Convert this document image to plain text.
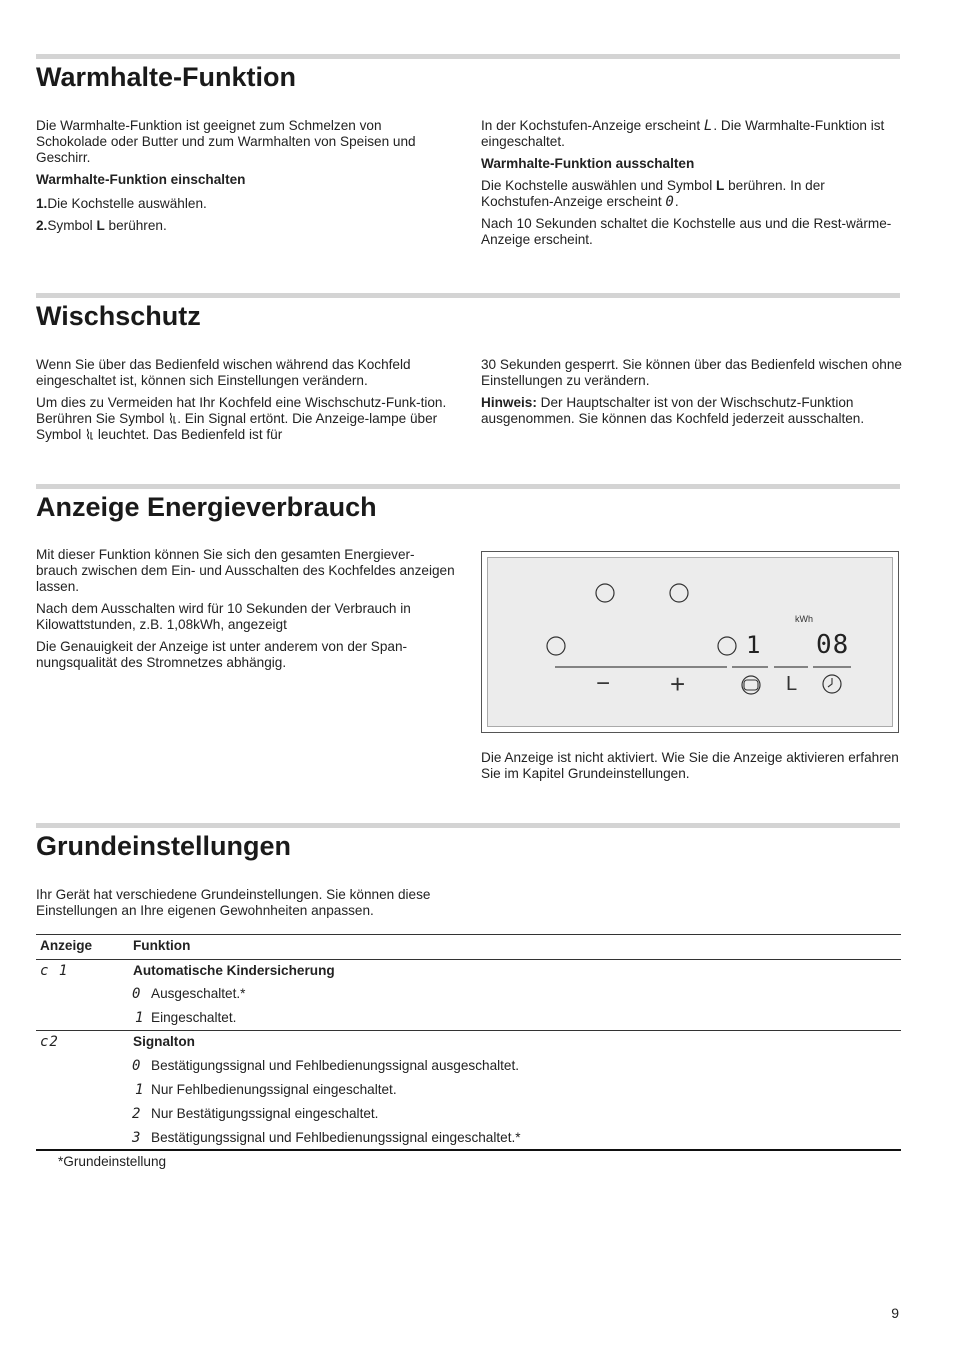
Warmhalte-Funktion

Die Warmhalte-Funktion ist geeignet zum Schmelzen von Schokolade oder Butter und zum Warmhalten von Speisen und Geschirr.

Warmhalte-Funktion einschalten

1.Die Kochstelle auswählen.

2.Symbol L berühren.

In der Kochstufen-Anzeige erscheint L. Die Warmhalte-Funktion ist eingeschaltet.

Warmhalte-Funktion ausschalten

Die Kochstelle auswählen und Symbol L berühren. In der Kochstufen-Anzeige erscheint 0.

Nach 10 Sekunden schaltet die Kochstelle aus und die Rest-wärme-Anzeige erscheint.

Wischschutz

Wenn Sie über das Bedienfeld wischen während das Kochfeld eingeschaltet ist, können sich Einstellungen verändern.

Um dies zu Vermeiden hat Ihr Kochfeld eine Wischschutz-Funk-tion. Berühren Sie Symbol . Ein Signal ertönt. Die Anzeige-lampe über Symbol  leuchtet. Das Bedienfeld ist für

30 Sekunden gesperrt. Sie können über das Bedienfeld wischen ohne Einstellungen zu verändern.

Hinweis: Der Hauptschalter ist von der Wischschutz-Funktion ausgenommen. Sie können das Kochfeld jederzeit ausschalten.

Anzeige Energieverbrauch

Mit dieser Funktion können Sie sich den gesamten Energiever-brauch zwischen dem Ein- und Ausschalten des Kochfeldes anzeigen lassen.

Nach dem Ausschalten wird für 10 Sekunden der Verbrauch in Kilowattstunden, z.B. 1,08kWh, angezeigt

Die Genauigkeit der Anzeige ist unter anderem von der Span-nungsqualität des Stromnetzes abhängig.

kWh
1 08
− +	L
Die Anzeige ist nicht aktiviert. Wie Sie die Anzeige aktivieren erfahren Sie im Kapitel Grundeinstellungen.
Grundeinstellungen
Ihr Gerät hat verschiedene Grundeinstellungen. Sie können diese Einstellungen an Ihre eigenen Gewohnheiten anpassen.
Anzeige	Funktion
c 1	Automatische Kindersicherung
0 Ausgeschaltet.*
1 Eingeschaltet.
c2	Signalton
0 Bestätigungssignal und Fehlbedienungssignal ausgeschaltet.
1 Nur Fehlbedienungssignal eingeschaltet.
2 Nur Bestätigungssignal eingeschaltet.
3 Bestätigungssignal und Fehlbedienungssignal eingeschaltet.*
*Grundeinstellung
9
